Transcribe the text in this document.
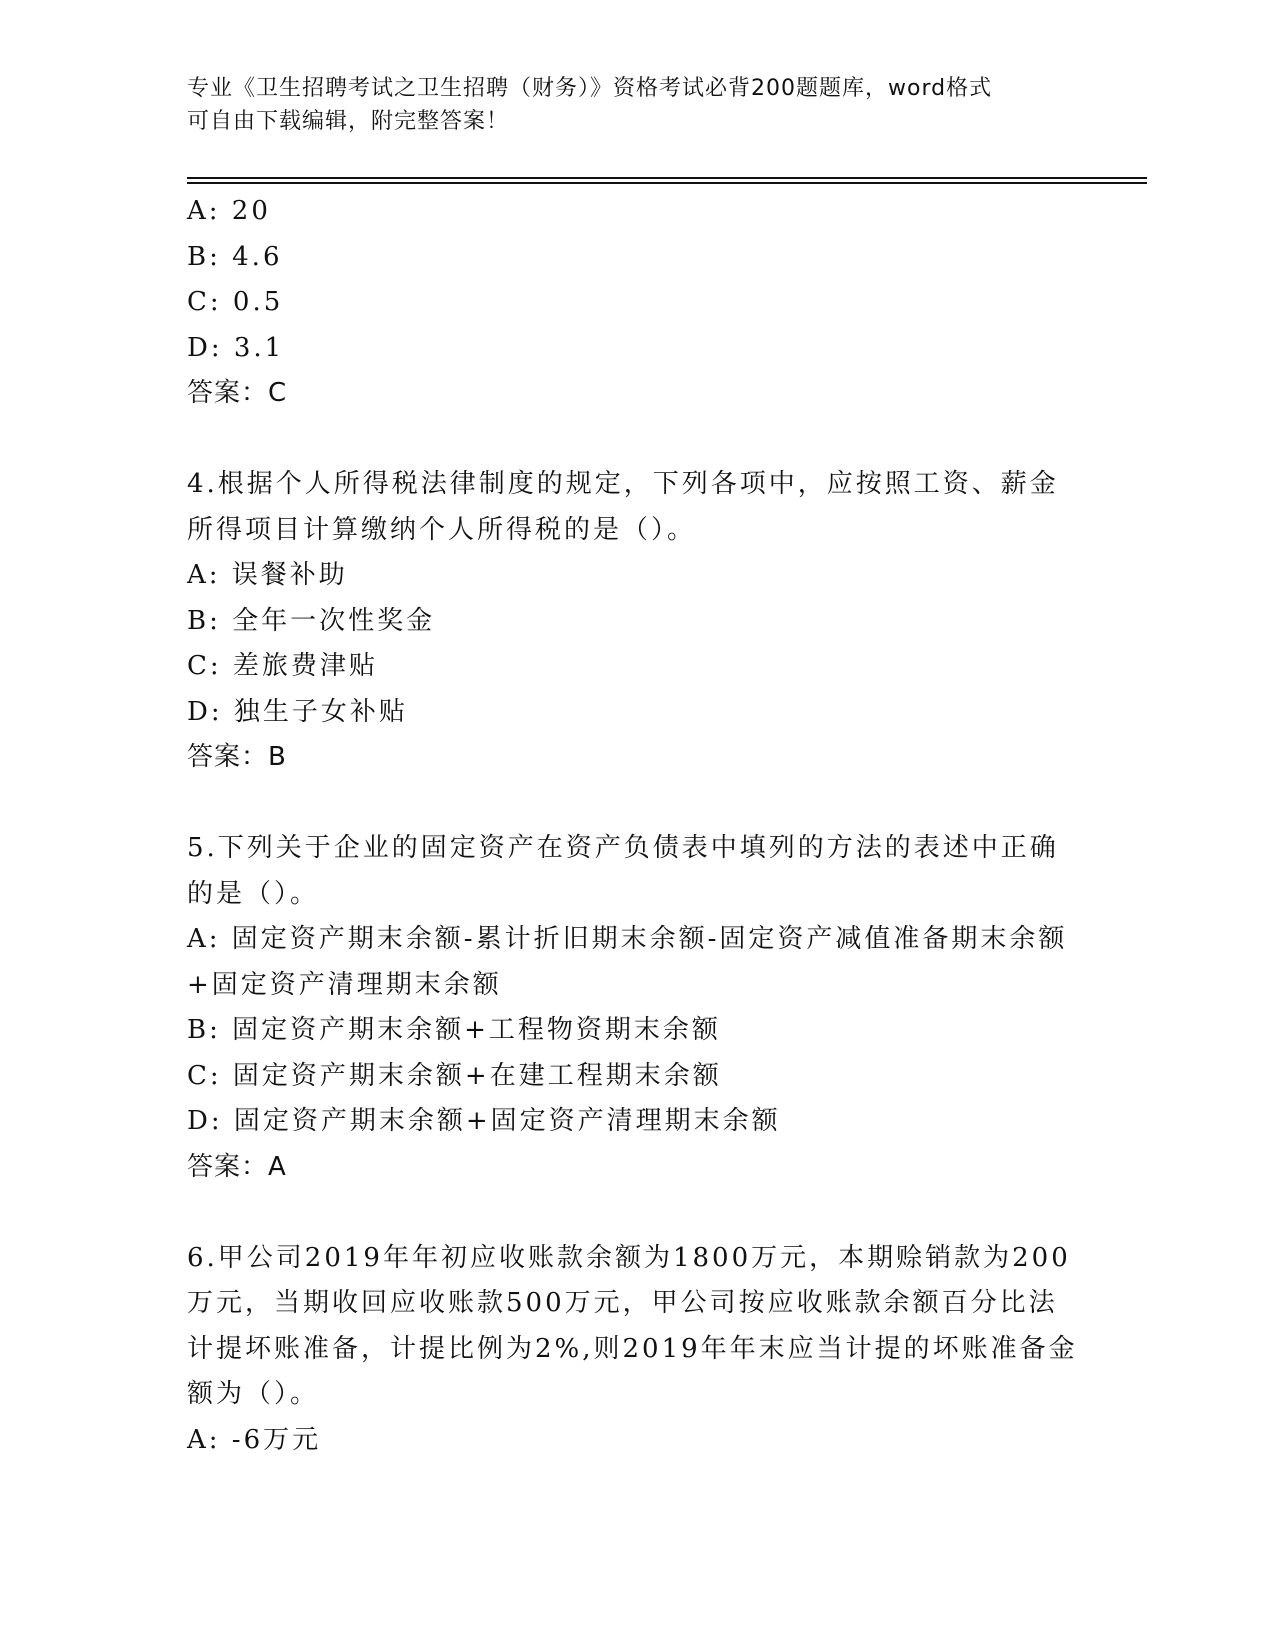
专业《卫生招聘考试之卫生招聘（财务）》资格考试必背200题题库，word格式
可自由下载编辑，附完整答案！
A: 20
B: 4.6
C: 0.5
D: 3.1
答案：C
4.根据个人所得税法律制度的规定，下列各项中，应按照工资、薪金
所得项目计算缴纳个人所得税的是（）。
A: 误餐补助
B: 全年一次性奖金
C: 差旅费津贴
D: 独生子女补贴
答案：B
5.下列关于企业的固定资产在资产负债表中填列的方法的表述中正确
的是（）。
A: 固定资产期末余额-累计折旧期末余额-固定资产减值准备期末余额
+固定资产清理期末余额
B: 固定资产期末余额+工程物资期末余额
C: 固定资产期末余额+在建工程期末余额
D: 固定资产期末余额+固定资产清理期末余额
答案：A
6.甲公司2019年年初应收账款余额为1800万元，本期赊销款为200
万元，当期收回应收账款500万元，甲公司按应收账款余额百分比法
计提坏账准备，计提比例为2%,则2019年年末应当计提的坏账准备金
额为（）。
A: -6万元
